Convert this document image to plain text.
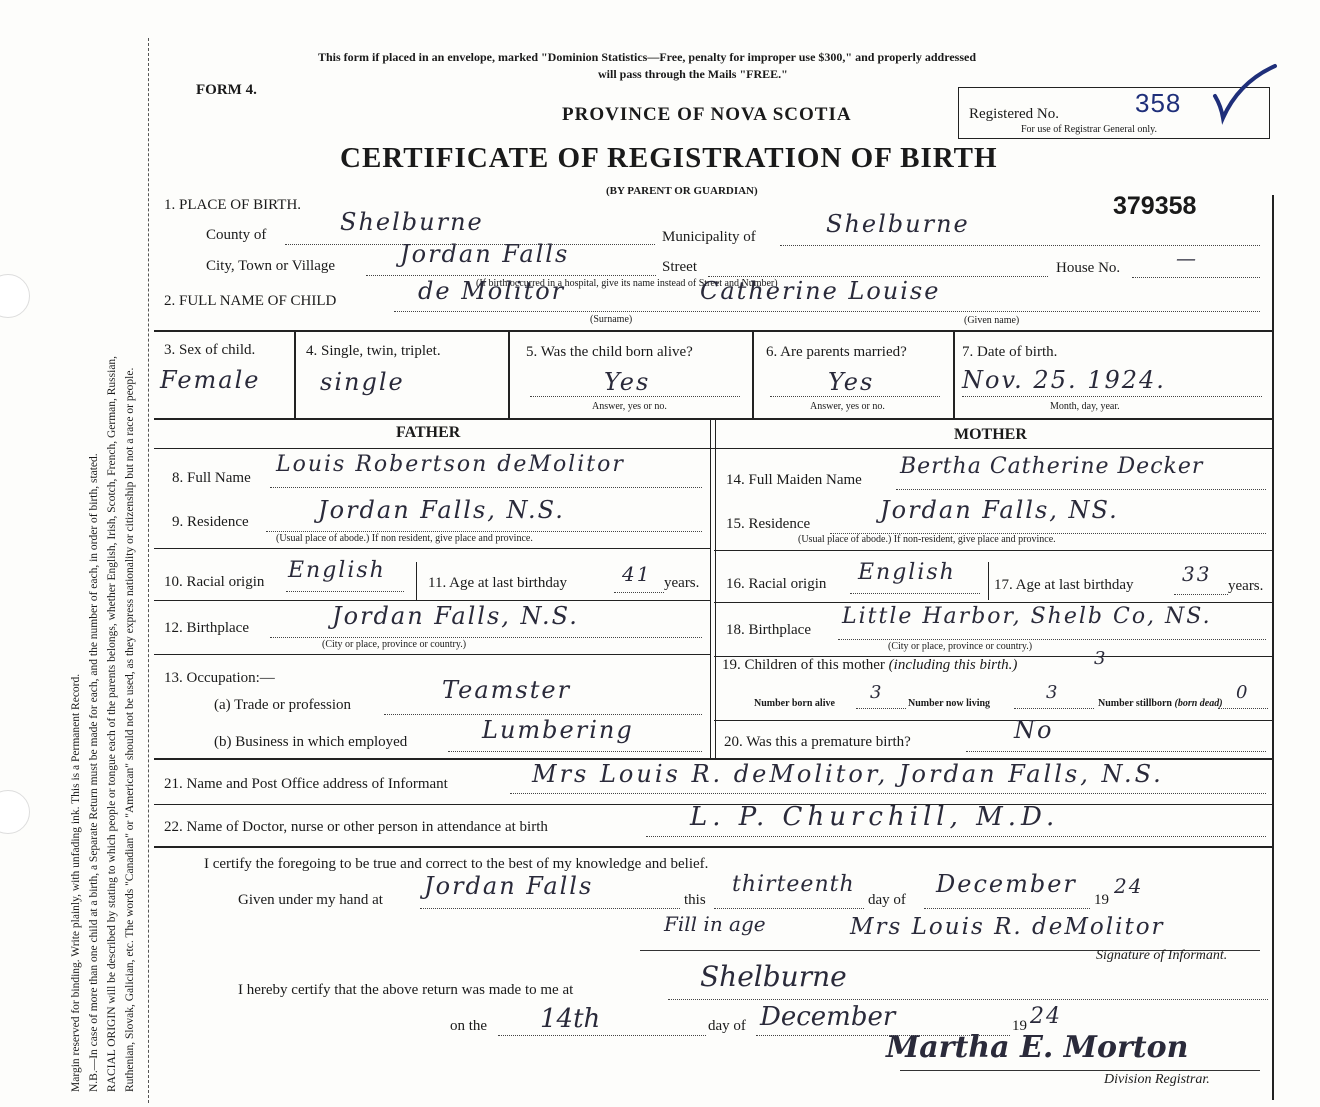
Margin reserved for binding. Write plainly, with unfading ink. This is a Permanent Record. N.B.—In case of more than one child at a birth, a Separate Return must be made for each, and the number of each, in order of birth, stated. RACIAL ORIGIN will be described by stating to which people or tongue each of the parents belongs, whether English, Irish, Scotch, French, German, Russian, Ruthenian, Slovak, Galician, etc. The words "Canadian" or "American" should not be used, as they express nationality or citizenship but not a race or people.
This form if placed in an envelope, marked "Dominion Statistics—Free, penalty for improper use $300," and properly addressed
will pass through the Mails "FREE."
FORM 4.
PROVINCE OF NOVA SCOTIA
CERTIFICATE OF REGISTRATION OF BIRTH
(BY PARENT OR GUARDIAN)
Registered No.	358
For use of Registrar General only.
379358
1. PLACE OF BIRTH.
County of	Shelburne
Municipality of	Shelburne
City, Town or Village	Jordan Falls	Street
(If birth occurred in a hospital, give its name instead of Street and Number)
House No.	—
2. FULL NAME OF CHILD	de Molitor	Catherine Louise
(Surname)	(Given name)
3. Sex of child.
Female
4. Single, twin, triplet.
single
5. Was the child born alive?
Yes
Answer, yes or no.
6. Are parents married?
Yes
Answer, yes or no.
7. Date of birth.
Nov. 25. 1924.
Month, day, year.
FATHER	MOTHER
8. Full Name
Louis Robertson deMolitor
9. Residence	Jordan Falls, N.S.
(Usual place of abode.) If non resident, give place and province.
10. Racial origin English	11. Age at last birthday	41 years.
12. Birthplace	Jordan Falls, N.S.
(City or place, province or country.)
13. Occupation:—
(a) Trade or profession
Teamster
(b) Business in which employed	Lumbering
14. Full Maiden Name
Bertha Catherine Decker
15. Residence	Jordan Falls, NS.
(Usual place of abode.) If non-resident, give place and province.
16. Racial origin English	17. Age at last birthday 33 years.
18. Birthplace
Little Harbor, Shelb Co, NS.
(City or place, province or country.)
19. Children of this mother (including this birth.)	3
Number born alive
3
Number now living
3
Number stillborn (born dead)
0
20. Was this a premature birth?	No
21. Name and Post Office address of Informant	Mrs Louis R. deMolitor, Jordan Falls, N.S.
22. Name of Doctor, nurse or other person in attendance at birth	L. P. Churchill, M.D.
I certify the foregoing to be true and correct to the best of my knowledge and belief.
Given under my hand at Jordan Falls	this
thirteenth
day of
December
19
24
Fill in age	Mrs Louis R. deMolitor
Signature of Informant.
I hereby certify that the above return was made to me at	Shelburne
on the 14th	day of December	19 24
Martha E. Morton
Division Registrar.
